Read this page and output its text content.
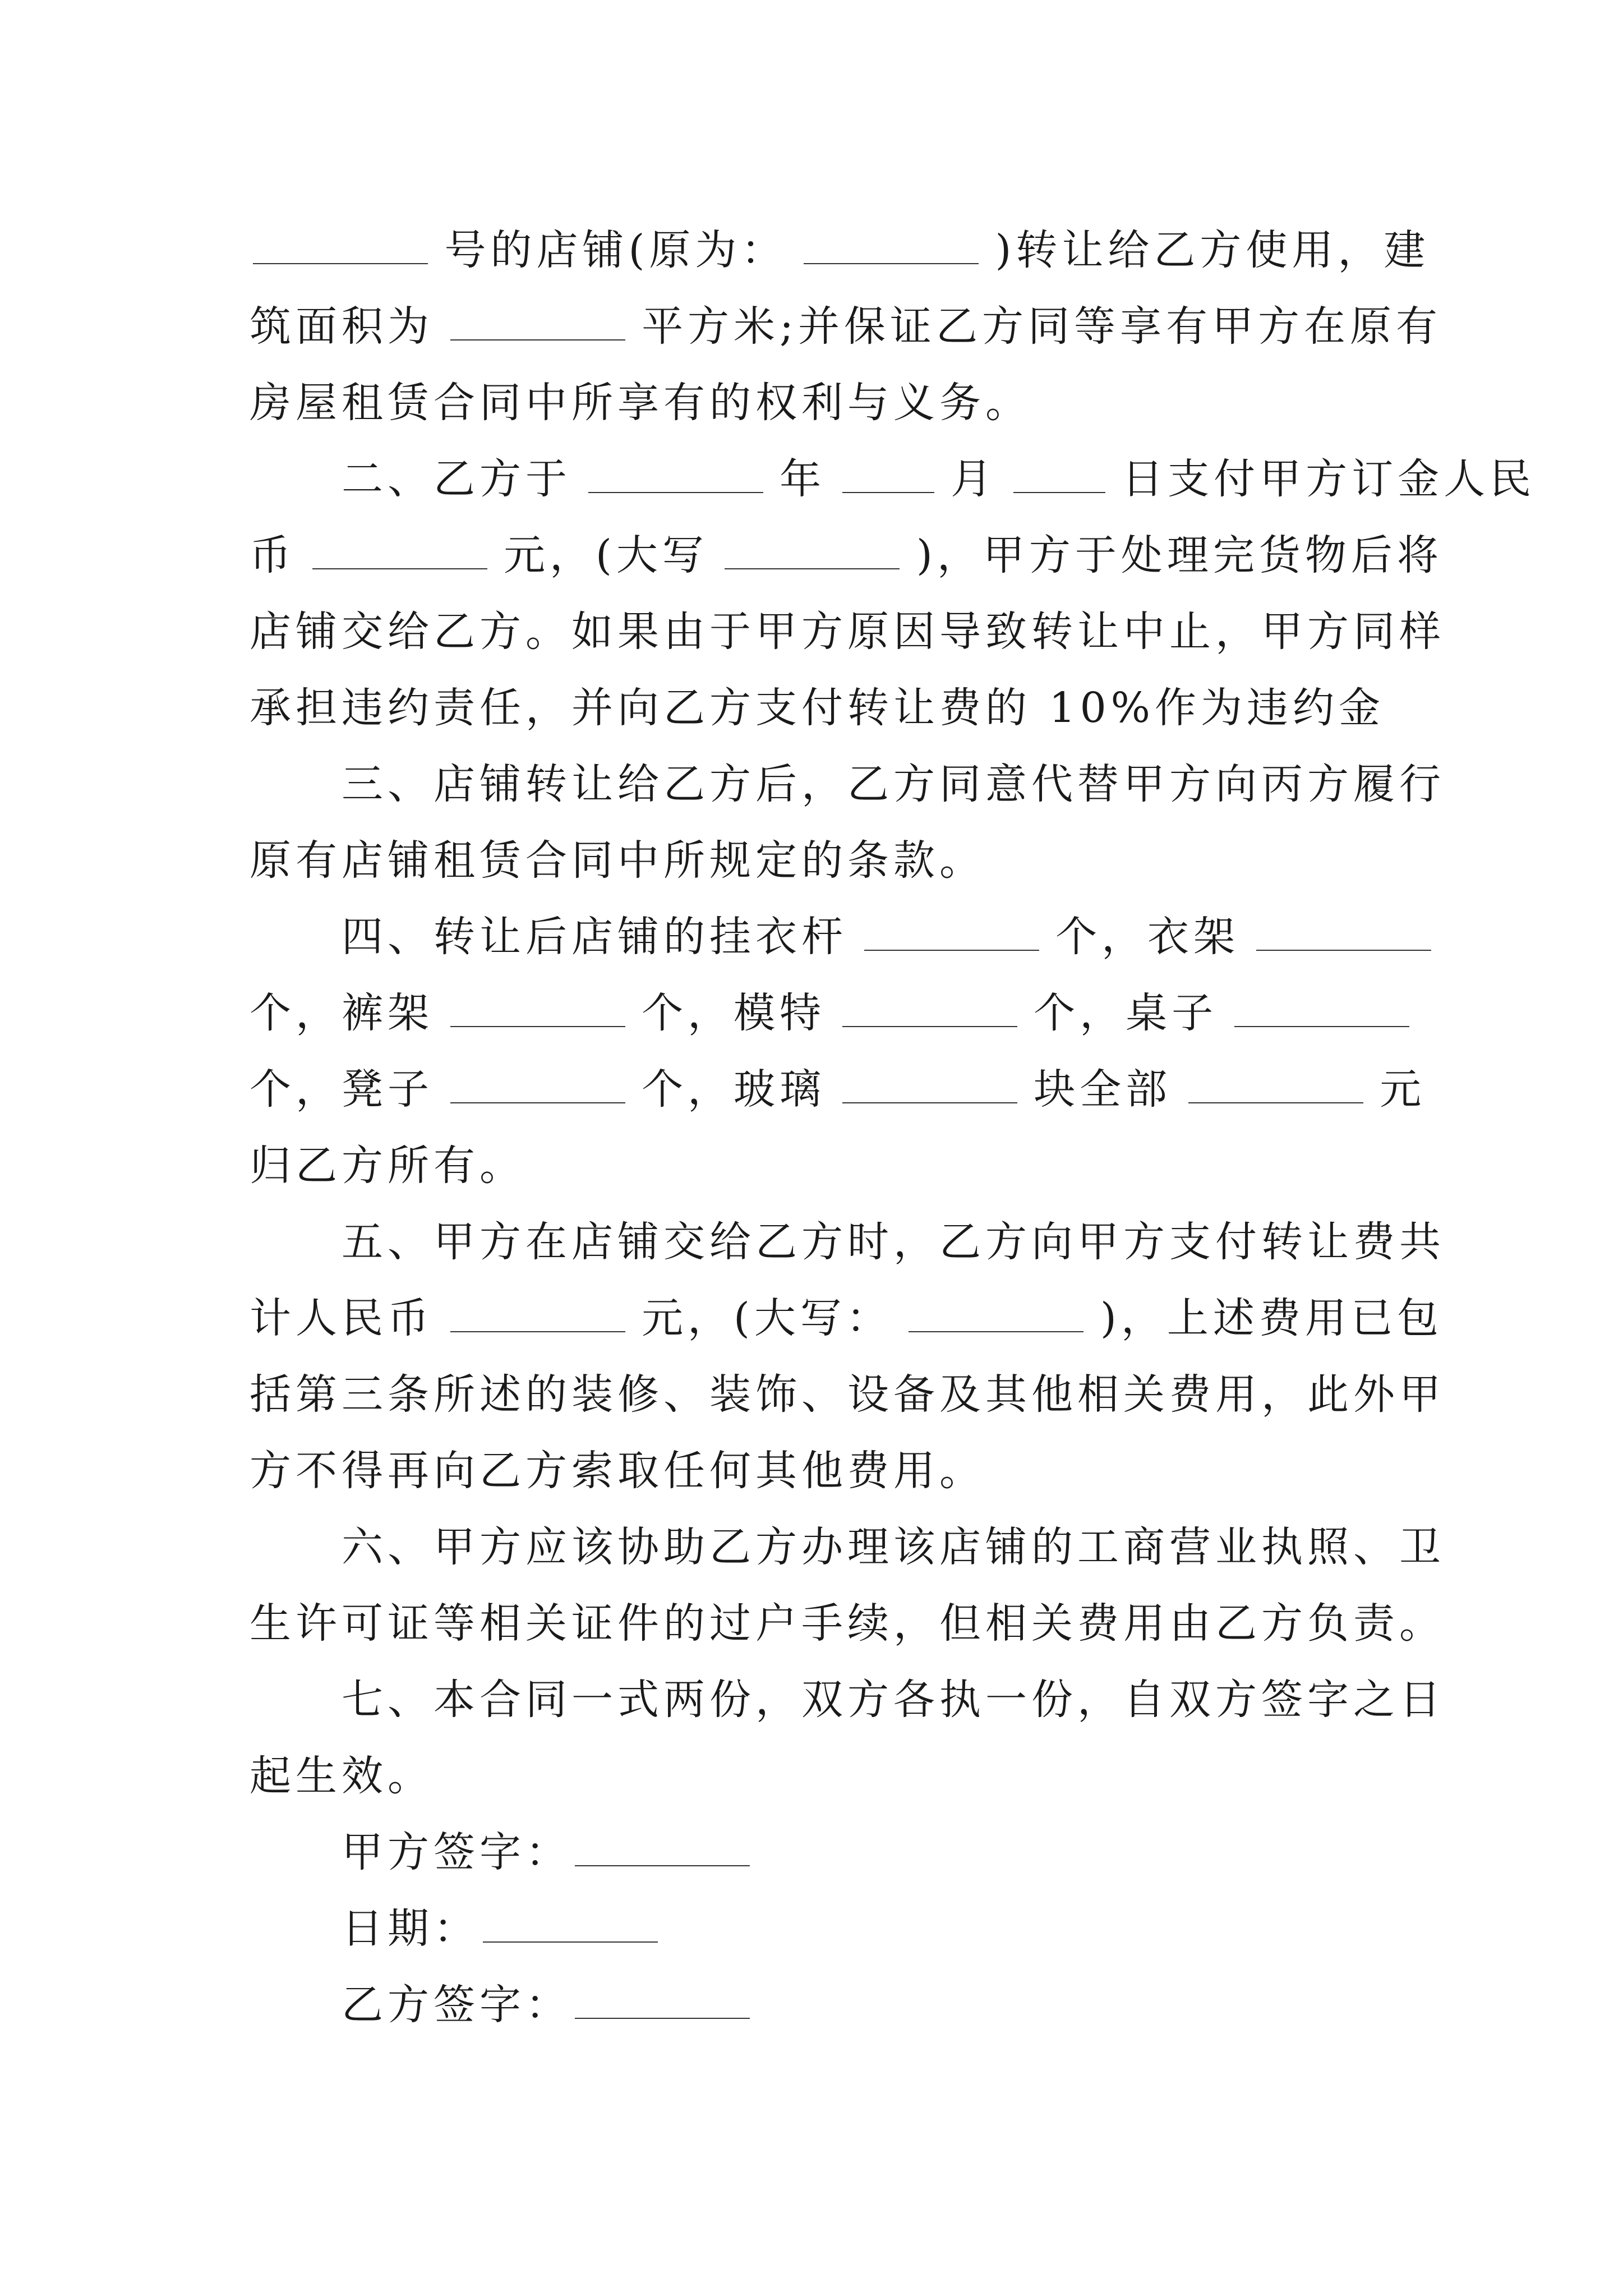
号的店铺(原为：	)转让给乙方使用，建
筑面积为	平方米;并保证乙方同等享有甲方在原有
房屋租赁合同中所享有的权利与义务。
二、乙方于	年	月	日支付甲方订金人民
币	元，(大写	)，甲方于处理完货物后将
店铺交给乙方。如果由于甲方原因导致转让中止，甲方同样
承担违约责任，并向乙方支付转让费的 10%作为违约金
三、店铺转让给乙方后，乙方同意代替甲方向丙方履行
原有店铺租赁合同中所规定的条款。
四、转让后店铺的挂衣杆	个，衣架
个，裤架	个，模特	个，桌子
个，凳子	个，玻璃	块全部	元
归乙方所有。
五、甲方在店铺交给乙方时，乙方向甲方支付转让费共
计人民币	元，(大写：	)，上述费用已包
括第三条所述的装修、装饰、设备及其他相关费用，此外甲
方不得再向乙方索取任何其他费用。
六、甲方应该协助乙方办理该店铺的工商营业执照、卫
生许可证等相关证件的过户手续，但相关费用由乙方负责。
七、本合同一式两份，双方各执一份，自双方签字之日
起生效。
甲方签字：
日期：
乙方签字：
